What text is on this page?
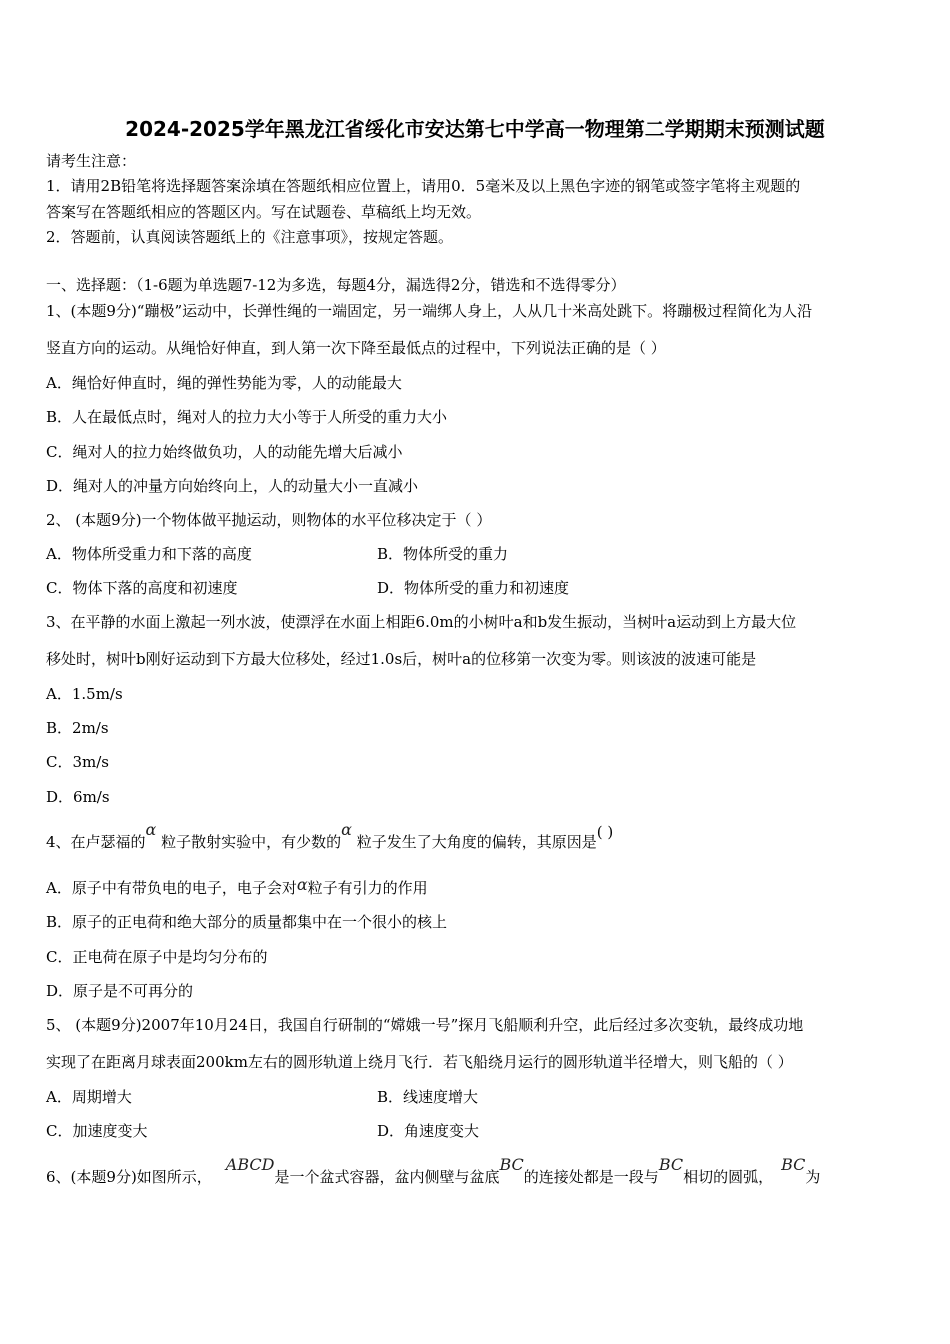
2024-2025学年黑龙江省绥化市安达第七中学高一物理第二学期期末预测试题
请考生注意：
1．请用2B铅笔将选择题答案涂填在答题纸相应位置上，请用0．5毫米及以上黑色字迹的钢笔或签字笔将主观题的
答案写在答题纸相应的答题区内。写在试题卷、草稿纸上均无效。
2．答题前，认真阅读答题纸上的《注意事项》，按规定答题。
一、选择题：（1-6题为单选题7-12为多选，每题4分，漏选得2分，错选和不选得零分）
1、(本题9分)“蹦极”运动中，长弹性绳的一端固定，另一端绑人身上，人从几十米高处跳下。将蹦极过程简化为人沿
竖直方向的运动。从绳恰好伸直，到人第一次下降至最低点的过程中，下列说法正确的是（ ）
A．绳恰好伸直时，绳的弹性势能为零，人的动能最大
B．人在最低点时，绳对人的拉力大小等于人所受的重力大小
C．绳对人的拉力始终做负功，人的动能先增大后减小
D．绳对人的冲量方向始终向上，人的动量大小一直减小
2、 (本题9分)一个物体做平抛运动，则物体的水平位移决定于（ ）
A．物体所受重力和下落的高度	B．物体所受的重力
C．物体下落的高度和初速度	D．物体所受的重力和初速度
3、在平静的水面上激起一列水波，使漂浮在水面上相距6.0m的小树叶a和b发生振动，当树叶a运动到上方最大位
移处时，树叶b刚好运动到下方最大位移处，经过1.0s后，树叶a的位移第一次变为零。则该波的波速可能是
A．1.5m/s
B．2m/s
C．3m/s
D．6m/s
4、在卢瑟福的α 粒子散射实验中，有少数的α 粒子发生了大角度的偏转，其原因是( )
A．原子中有带负电的电子，电子会对α粒子有引力的作用
B．原子的正电荷和绝大部分的质量都集中在一个很小的核上
C．正电荷在原子中是均匀分布的
D．原子是不可再分的
5、 (本题9分)2007年10月24日，我国自行研制的“嫦娥一号”探月飞船顺利升空，此后经过多次变轨，最终成功地
实现了在距离月球表面200km左右的圆形轨道上绕月飞行．若飞船绕月运行的圆形轨道半径增大，则飞船的（ ）
A．周期增大	B．线速度增大
C．加速度变大	D．角速度变大
6、(本题9分)如图所示，ABCD是一个盆式容器，盆内侧壁与盆底BC的连接处都是一段与BC相切的圆弧，BC为
